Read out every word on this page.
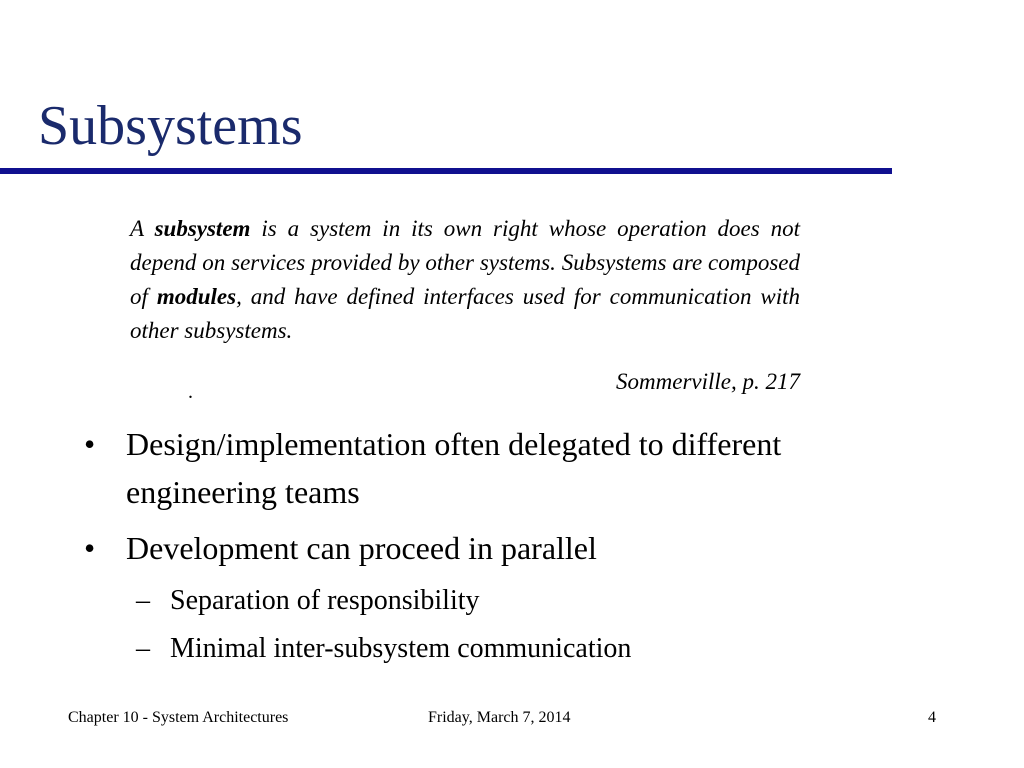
Subsystems
A subsystem is a system in its own right whose operation does not depend on services provided by other systems. Subsystems are composed of modules, and have defined interfaces used for communication with other subsystems.
Sommerville, p. 217
.
• Design/implementation often delegated to different engineering teams
• Development can proceed in parallel
– Separation of responsibility
– Minimal inter-subsystem communication
Chapter 10 - System Architectures	Friday, March 7, 2014	4
